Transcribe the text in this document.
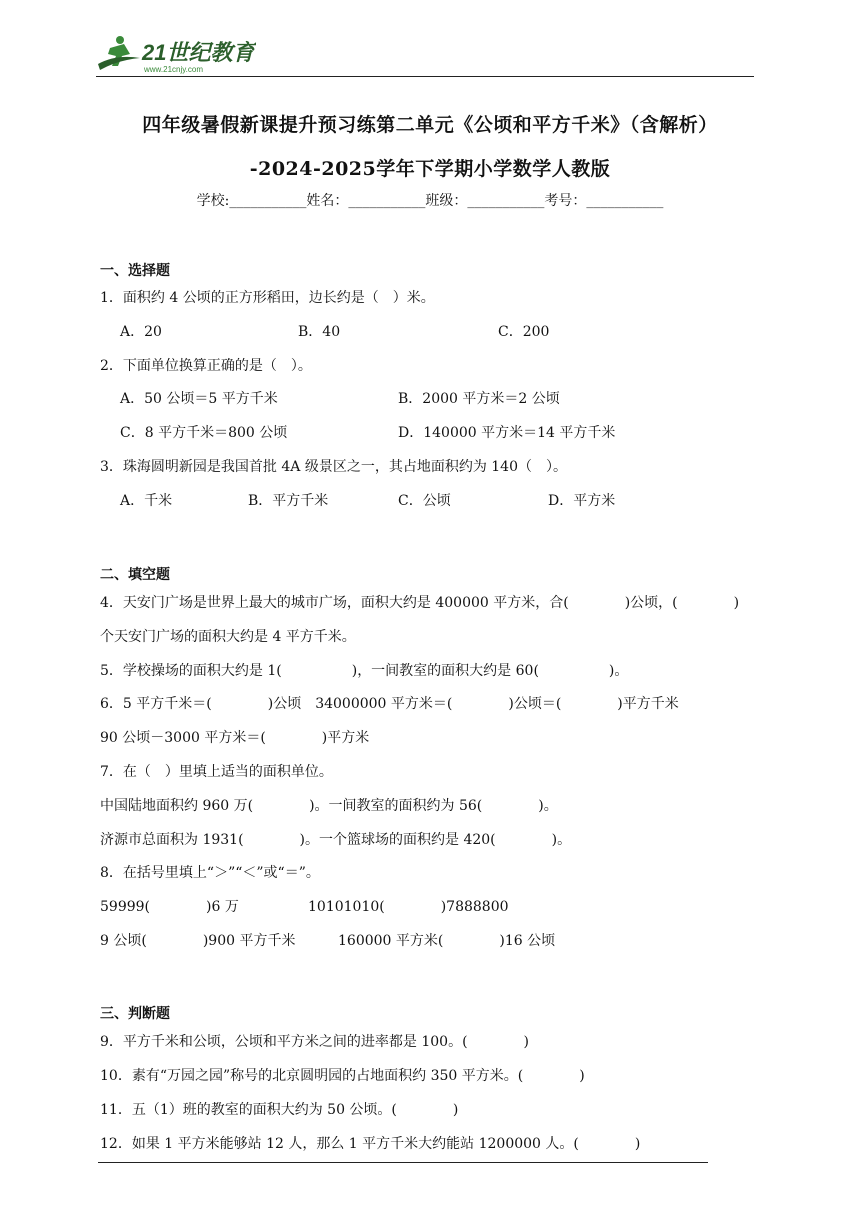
21世纪教育
www.21cnjy.com
四年级暑假新课提升预习练第二单元《公顷和平方千米》（含解析）
-2024-2025学年下学期小学数学人教版
学校:___________姓名：___________班级：___________考号：___________
一、选择题
1．面积约 4 公顷的正方形稻田，边长约是（　）米。
A．20	B．40	C．200
2．下面单位换算正确的是（　）。
A．50 公顷＝5 平方千米	B．2000 平方米＝2 公顷
C．8 平方千米＝800 公顷	D．140000 平方米＝14 平方千米
3．珠海圆明新园是我国首批 4A 级景区之一，其占地面积约为 140（　）。
A．千米	B．平方千米	C．公顷	D．平方米
二、填空题
4．天安门广场是世界上最大的城市广场，面积大约是 400000 平方米，合(　　　　)公顷，(　　　　)
个天安门广场的面积大约是 4 平方千米。
5．学校操场的面积大约是 1(　　　　　)，一间教室的面积大约是 60(　　　　　)。
6．5 平方千米＝(　　　　)公顷　34000000 平方米＝(　　　　)公顷＝(　　　　)平方千米
90 公顷－3000 平方米＝(　　　　)平方米
7．在（　）里填上适当的面积单位。
中国陆地面积约 960 万(　　　　)。一间教室的面积约为 56(　　　　)。
济源市总面积为 1931(　　　　)。一个篮球场的面积约是 420(　　　　)。
8．在括号里填上“＞”“＜”或“＝”。
59999(　　　　)6 万	10101010(　　　　)7888800
9 公顷(　　　　)900 平方千米	160000 平方米(　　　　)16 公顷
三、判断题
9．平方千米和公顷，公顷和平方米之间的进率都是 100。(　　　　)
10．素有“万园之园”称号的北京圆明园的占地面积约 350 平方米。(　　　　)
11．五（1）班的教室的面积大约为 50 公顷。(　　　　)
12．如果 1 平方米能够站 12 人，那么 1 平方千米大约能站 1200000 人。(　　　　)
